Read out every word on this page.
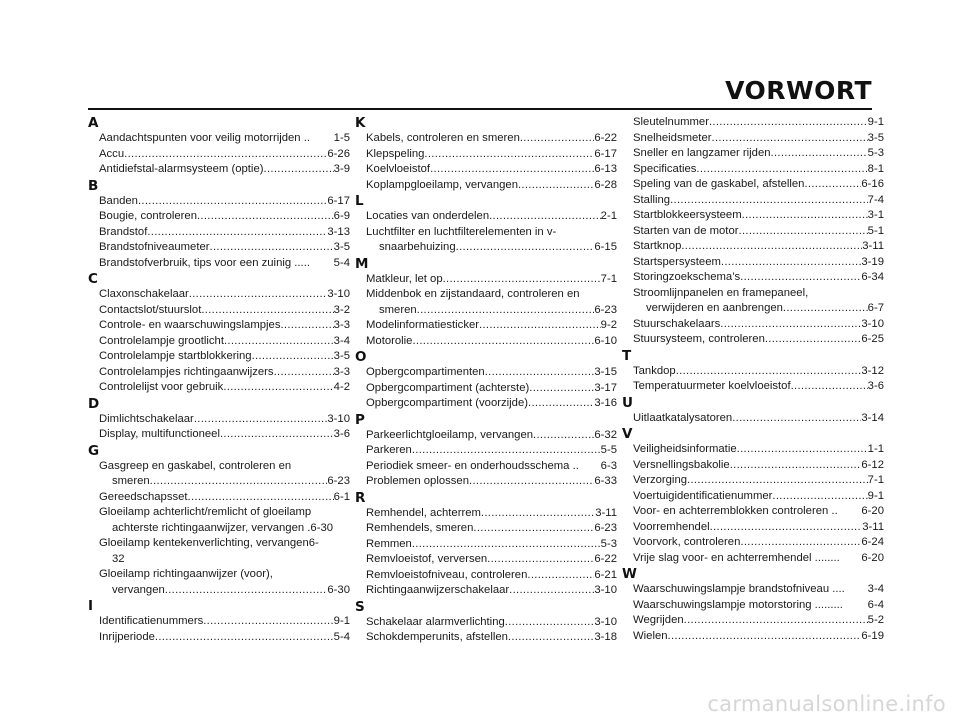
VORWORT
A
Aandachtspunten voor veilig motorrijden .. 1-5
Accu .....	6-26
Antidiefstal-alarmsysteem (optie) .....	3-9
B
Banden .....	6-17
Bougie, controleren .....	6-9
Brandstof .....	3-13
Brandstofniveaumeter .....	3-5
Brandstofverbruik, tips voor een zuinig ..... 5-4
C
Claxonschakelaar .....	3-10
Contactslot/stuurslot .....	3-2
Controle- en waarschuwingslampjes .....	3-3
Controlelampje grootlicht .....	3-4
Controlelampje startblokkering .....	3-5
Controlelampjes richtingaanwijzers .....	3-3
Controlelijst voor gebruik .....	4-2
D
Dimlichtschakelaar .....	3-10
Display, multifunctioneel .....	3-6
G
Gasgreep en gaskabel, controleren en
smeren .....	6-23
Gereedschapsset .....	6-1
Gloeilamp achterlicht/remlicht of gloeilamp
achterste richtingaanwijzer, vervangen .6-30
Gloeilamp kentekenverlichting, vervangen6-
32
Gloeilamp richtingaanwijzer (voor),
vervangen .....	6-30
I
Identificatienummers .....	9-1
Inrijperiode .....	5-4
K
Kabels, controleren en smeren .....	6-22
Klepspeling .....	6-17
Koelvloeistof .....	6-13
Koplampgloeilamp, vervangen .....	6-28
L
Locaties van onderdelen .....	2-1
Luchtfilter en luchtfilterelementen in v-
snaarbehuizing .....	6-15
M
Matkleur, let op .....	7-1
Middenbok en zijstandaard, controleren en
smeren .....	6-23
Modelinformatiesticker .....	9-2
Motorolie .....	6-10
O
Opbergcompartimenten .....	3-15
Opbergcompartiment (achterste) .....	3-17
Opbergcompartiment (voorzijde) .....	3-16
P
Parkeerlichtgloeilamp, vervangen .....	6-32
Parkeren .....	5-5
Periodiek smeer- en onderhoudsschema .. 6-3
Problemen oplossen .....	6-33
R
Remhendel, achterrem .....	3-11
Remhendels, smeren .....	6-23
Remmen .....	5-3
Remvloeistof, verversen .....	6-22
Remvloeistofniveau, controleren .....	6-21
Richtingaanwijzerschakelaar .....	3-10
S
Schakelaar alarmverlichting .....	3-10
Schokdemperunits, afstellen .....	3-18
Sleutelnummer .....	9-1
Snelheidsmeter .....	3-5
Sneller en langzamer rijden .....	5-3
Specificaties .....	8-1
Speling van de gaskabel, afstellen .....	6-16
Stalling .....	7-4
Startblokkeersysteem .....	3-1
Starten van de motor .....	5-1
Startknop .....	3-11
Startspersysteem .....	3-19
Storingzoekschema’s .....	6-34
Stroomlijnpanelen en framepaneel,
verwijderen en aanbrengen .....	6-7
Stuurschakelaars .....	3-10
Stuursysteem, controleren .....	6-25
T
Tankdop .....	3-12
Temperatuurmeter koelvloeistof .....	3-6
U
Uitlaatkatalysatoren .....	3-14
V
Veiligheidsinformatie .....	1-1
Versnellingsbakolie .....	6-12
Verzorging .....	7-1
Voertuigidentificatienummer .....	9-1
Voor- en achterremblokken controleren .. 6-20
Voorremhendel .....	3-11
Voorvork, controleren .....	6-24
Vrije slag voor- en achterremhendel ........ 6-20
W
Waarschuwingslampje brandstofniveau .... 3-4
Waarschuwingslampje motorstoring ......... 6-4
Wegrijden .....	5-2
Wielen .....	6-19
carmanualsonline.info
